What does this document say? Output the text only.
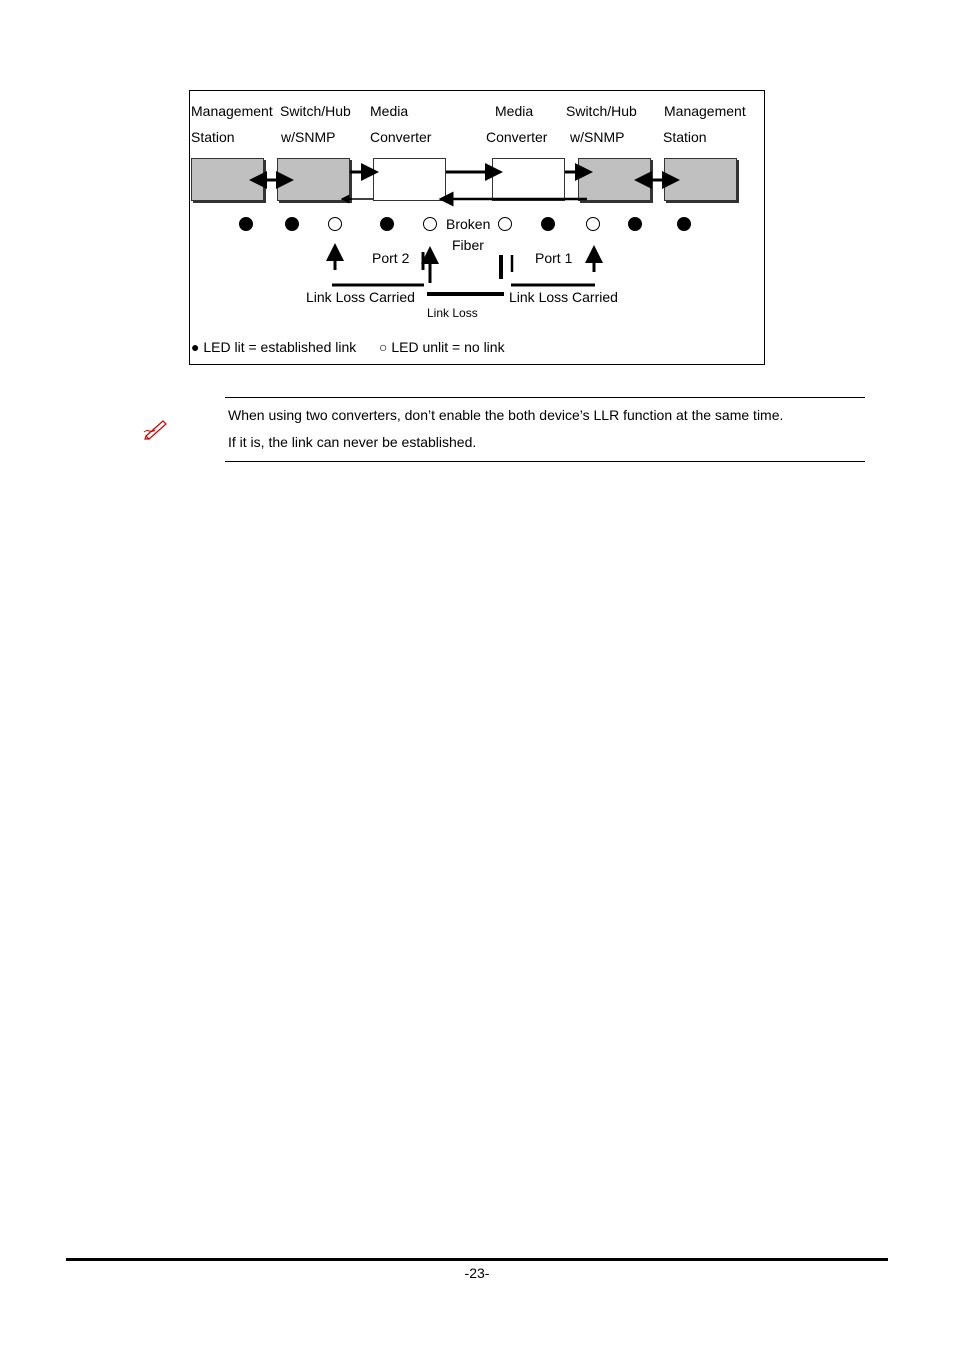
Management
Station
Switch/Hub
w/SNMP
Media
Converter
Media
Converter
Switch/Hub
w/SNMP
Management
Station
Broken
Fiber
Port 2	Port 1
Link Loss Carried	Link Loss Carried
Link Loss
● LED lit = established link ○ LED unlit = no link
When using two converters, don’t enable the both device’s LLR function at the same time.
If it is, the link can never be established.
-23-
